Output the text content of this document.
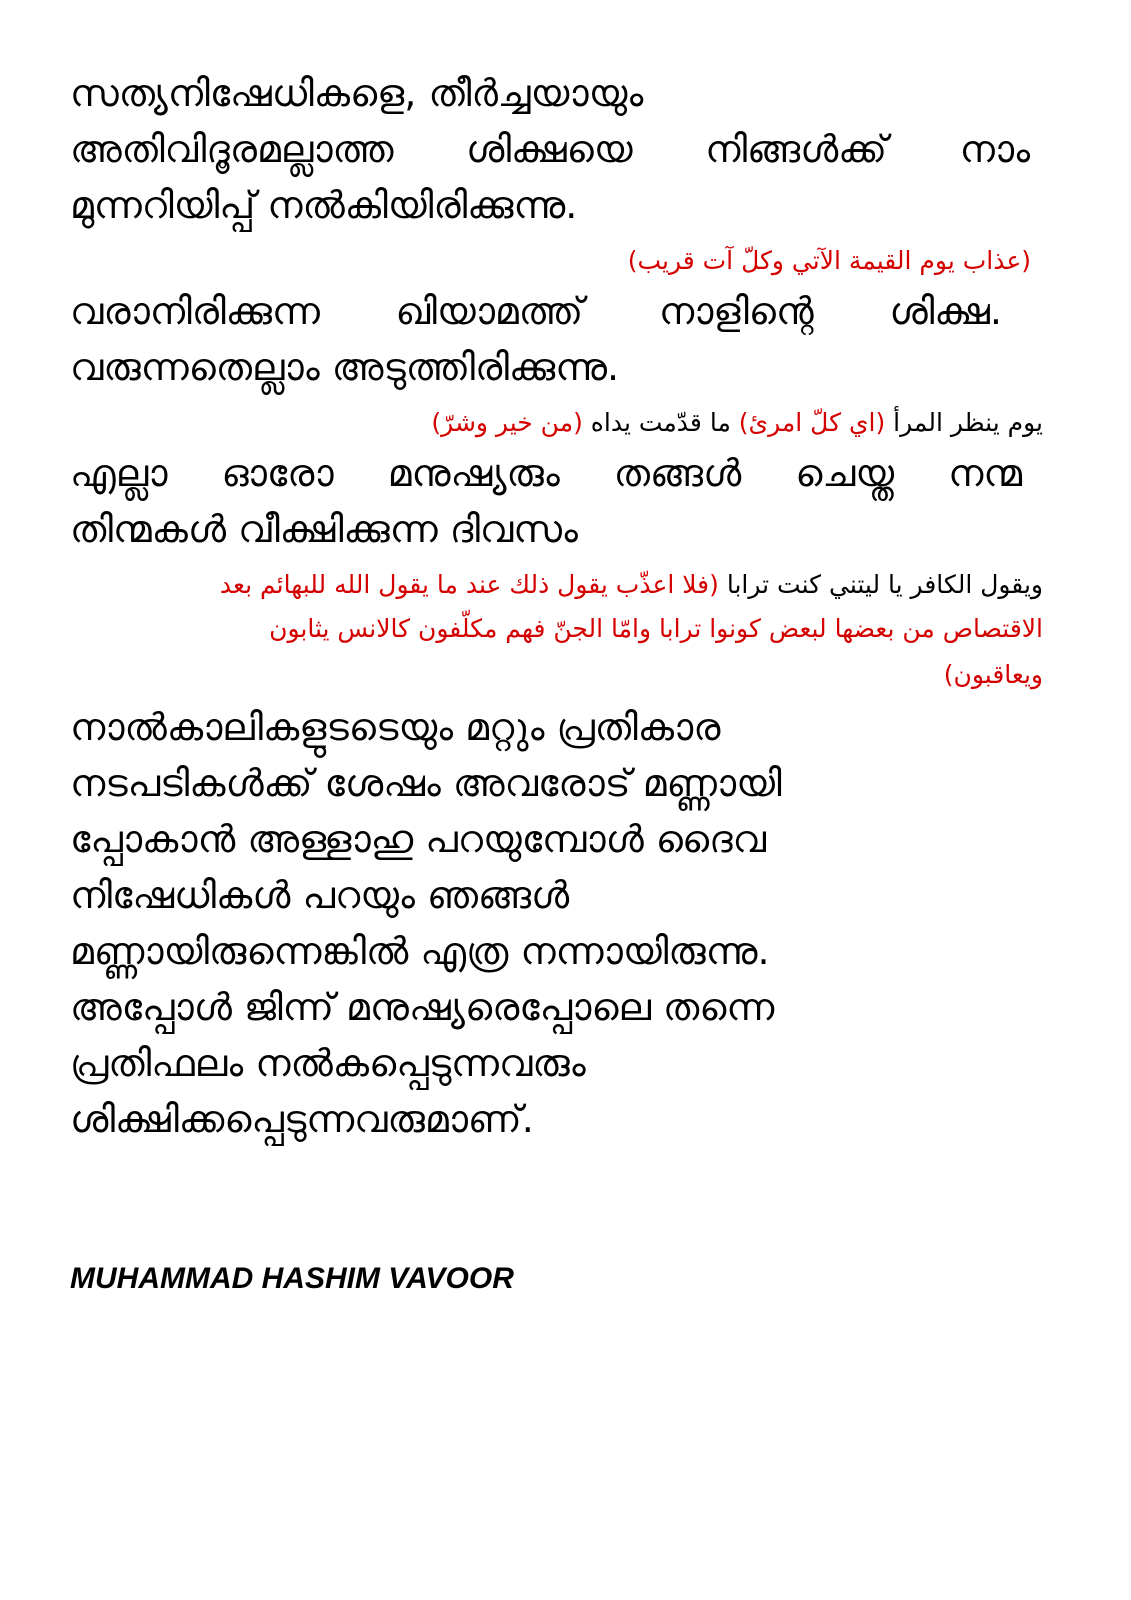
സത്യനിഷേധികളെ, തീർച്ചയായും
അതിവിദൂരമല്ലാത്ത ശിക്ഷയെ നിങ്ങൾക്ക് നാം
മുന്നറിയിപ്പ് നൽകിയിരിക്കുന്നു.
(عذاب يوم القيمة الآتي وكلّ آت قريب)
വരാനിരിക്കുന്ന ഖിയാമത്ത് നാളിന്റെ ശിക്ഷ.
വരുന്നതെല്ലാം അടുത്തിരിക്കുന്നു.
يوم ينظر المرأ (اي كلّ امرئ) ما قدّمت يداه (من خير وشرّ)
എല്ലാ ഓരോ മനുഷ്യരും തങ്ങൾ ചെയ്ത നന്മ
തിന്മകൾ വീക്ഷിക്കുന്ന ദിവസം
ويقول الكافر يا ليتني كنت ترابا (فلا اعذّب يقول ذلك عند ما يقول الله للبهائم بعد
الاقتصاص من بعضها لبعض كونوا ترابا وامّا الجنّ فهم مكلّفون كالانس يثابون
ويعاقبون)
നാൽകാലികളുടടെയും മറ്റും പ്രതികാര
നടപടികൾക്ക് ശേഷം അവരോട് മണ്ണായി
പ്പോകാൻ അള്ളാഹു പറയുമ്പോൾ ദൈവ
നിഷേധികൾ പറയും ഞങ്ങൾ
മണ്ണായിരുന്നെങ്കിൽ എത്ര നന്നായിരുന്നു.
അപ്പോൾ ജിന്ന് മനുഷ്യരെപ്പോലെ തന്നെ
പ്രതിഫലം നൽകപ്പെടുന്നവരും
ശിക്ഷിക്കപ്പെടുന്നവരുമാണ്.
MUHAMMAD HASHIM VAVOOR
